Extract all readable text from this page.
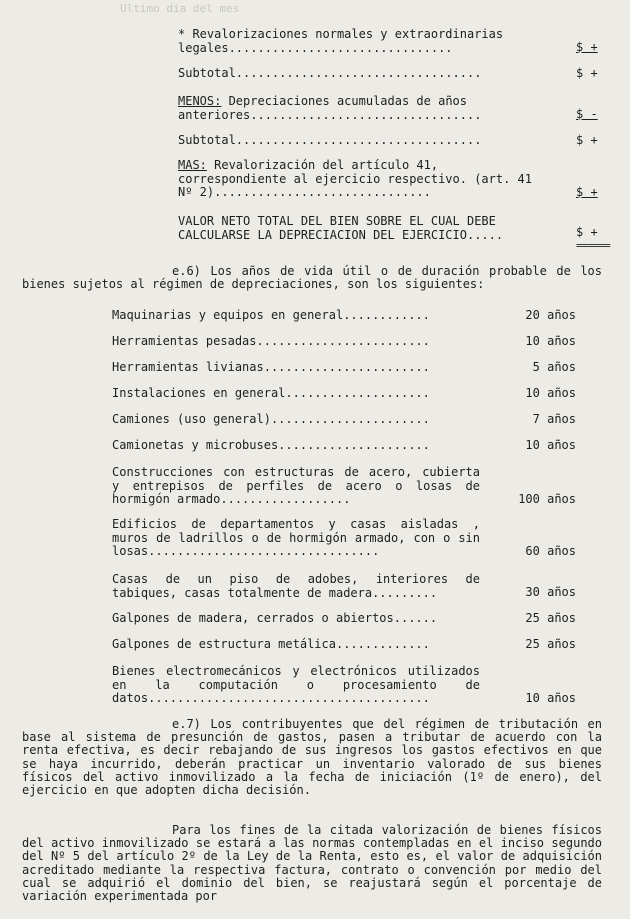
Ultimo dia del mes
* Revalorizaciones normales y extraordinarias legales...............................	$ +
Subtotal..................................	$ +
MENOS: Depreciaciones acumuladas de años anteriores................................	$ -
Subtotal..................................	$ +
MAS: Revalorización del artículo 41, correspondiente al ejercicio respectivo. (art. 41 Nº 2)..............................	$ +
VALOR NETO TOTAL DEL BIEN SOBRE EL CUAL DEBE CALCULARSE LA DEPRECIACION DEL EJERCICIO.....	$ +
======
e.6) Los años de vida útil o de duración probable de los bienes sujetos al régimen de depreciaciones, son los siguientes:
Maquinarias y equipos en general............	20 años
Herramientas pesadas........................	10 años
Herramientas livianas.......................	5 años
Instalaciones en general....................	10 años
Camiones (uso general)......................	7 años
Camionetas y microbuses.....................	10 años
Construcciones con estructuras de acero, cubierta y entrepisos de perfiles de acero o losas de hormigón armado..................	100 años
Edificios de departamentos y casas aisladas , muros de ladrillos o de hormigón armado, con o sin losas................................	60 años
Casas de un piso de adobes, interiores de tabiques, casas totalmente de madera.........	30 años
Galpones de madera, cerrados o abiertos......	25 años
Galpones de estructura metálica.............	25 años
Bienes electromecánicos y electrónicos utilizados en la computación o procesamiento de datos.......................................	10 años
e.7) Los contribuyentes que del régimen de tributación en base al sistema de presunción de gastos, pasen a tributar de acuerdo con la renta efectiva, es decir rebajando de sus ingresos los gastos efectivos en que se haya incurrido, deberán practicar un inventario valorado de sus bienes físicos del activo inmovilizado a la fecha de iniciación (1º de enero), del ejercicio en que adopten dicha decisión.
Para los fines de la citada valorización de bienes físicos del activo inmovilizado se estará a las normas contempladas en el inciso segundo del Nº 5 del artículo 2º de la Ley de la Renta, esto es, el valor de adquisición acreditado mediante la respectiva factura, contrato o convención por medio del cual se adquirió el dominio del bien, se reajustará según el porcentaje de variación experimentada por
